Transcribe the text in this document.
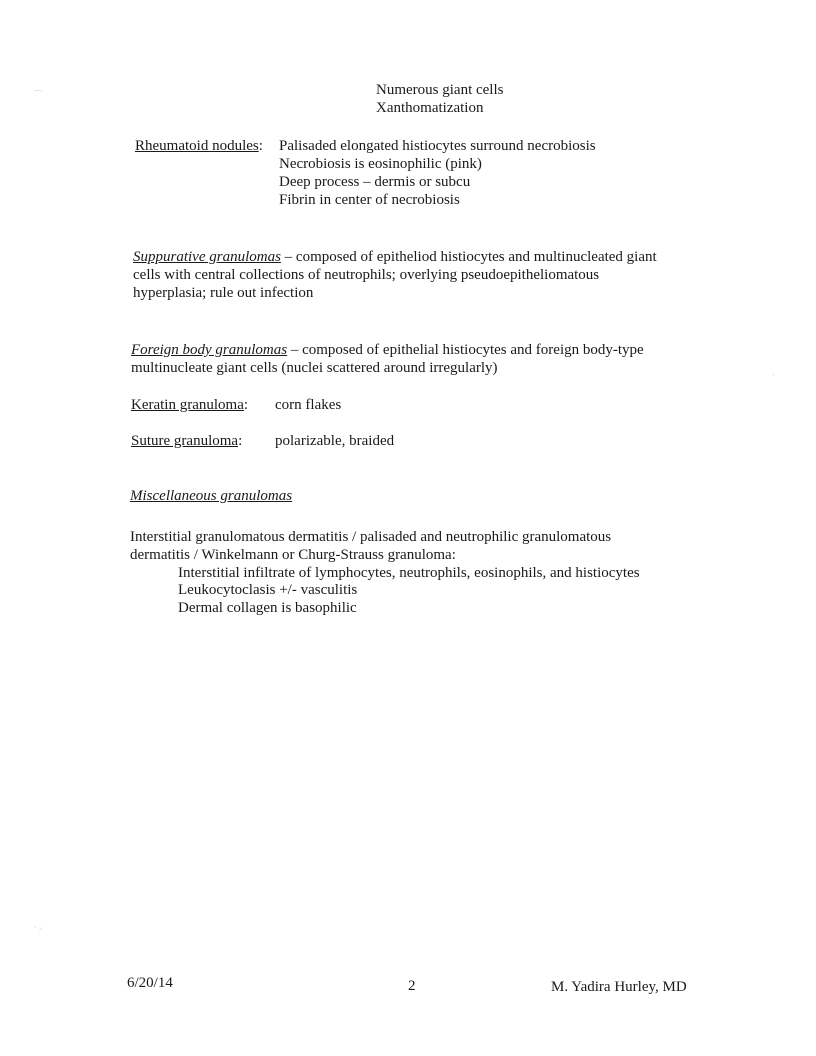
⁀
·
⸱ ⸝
Numerous giant cells
Xanthomatization
Rheumatoid nodules: Palisaded elongated histiocytes surround necrobiosis
Necrobiosis is eosinophilic (pink)
Deep process – dermis or subcu
Fibrin in center of necrobiosis
Suppurative granulomas – composed of epitheliod histiocytes and multinucleated giant
cells with central collections of neutrophils; overlying pseudoepitheliomatous
hyperplasia; rule out infection
Foreign body granulomas – composed of epithelial histiocytes and foreign body-type
multinucleate giant cells (nuclei scattered around irregularly)
Keratin granuloma: corn flakes
Suture granuloma: polarizable, braided
Miscellaneous granulomas
Interstitial granulomatous dermatitis / palisaded and neutrophilic granulomatous
dermatitis / Winkelmann or Churg-Strauss granuloma:
Interstitial infiltrate of lymphocytes, neutrophils, eosinophils, and histiocytes
Leukocytoclasis +/- vasculitis
Dermal collagen is basophilic
6/20/14	2	M. Yadira Hurley, MD
